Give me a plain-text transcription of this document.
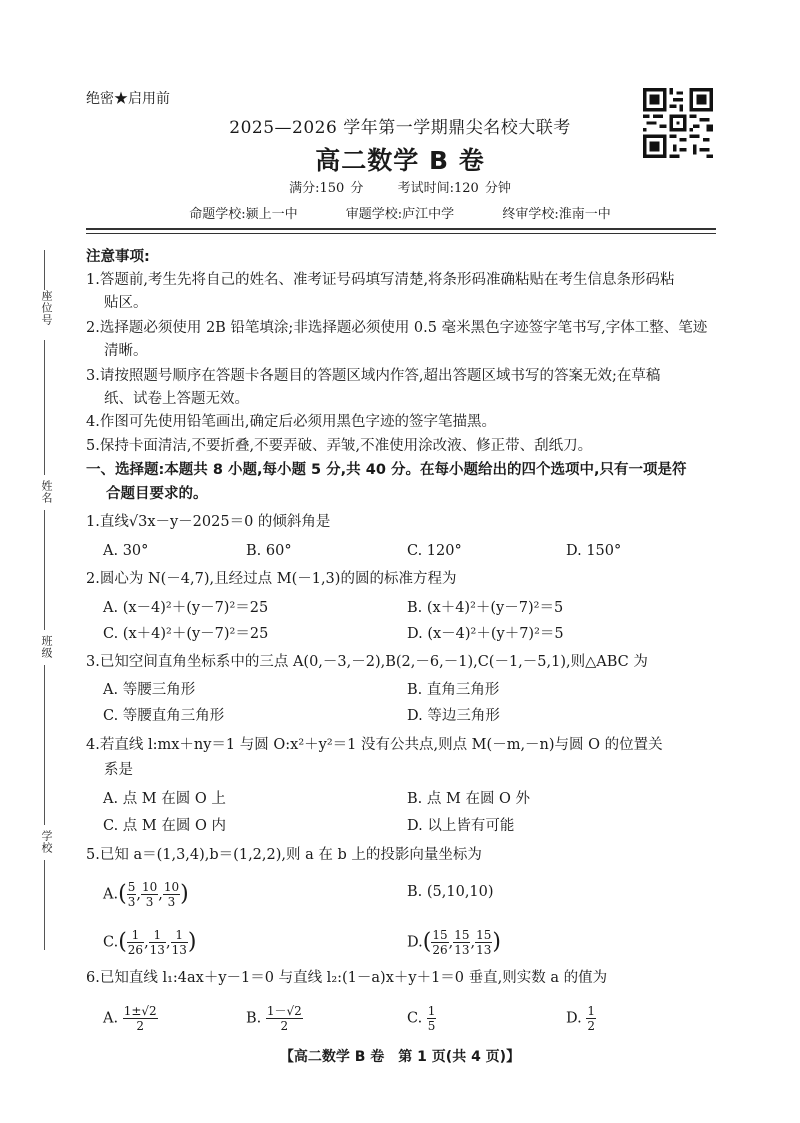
绝密★启用前
2025—2026 学年第一学期鼎尖名校大联考
高二数学 B 卷
满分:150 分	考试时间:120 分钟
命题学校:颍上一中	审题学校:庐江中学	终审学校:淮南一中
座位号
姓名
班级
学校
注意事项:
1.答题前,考生先将自己的姓名、准考证号码填写清楚,将条形码准确粘贴在考生信息条形码粘
贴区。
2.选择题必须使用 2B 铅笔填涂;非选择题必须使用 0.5 毫米黑色字迹签字笔书写,字体工整、笔迹
清晰。
3.请按照题号顺序在答题卡各题目的答题区域内作答,超出答题区域书写的答案无效;在草稿
纸、试卷上答题无效。
4.作图可先使用铅笔画出,确定后必须用黑色字迹的签字笔描黑。
5.保持卡面清洁,不要折叠,不要弄破、弄皱,不准使用涂改液、修正带、刮纸刀。
一、选择题:本题共 8 小题,每小题 5 分,共 40 分。在每小题给出的四个选项中,只有一项是符
合题目要求的。
1.直线√3x－y－2025＝0 的倾斜角是
A. 30°	B. 60°	C. 120°	D. 150°
2.圆心为 N(－4,7),且经过点 M(－1,3)的圆的标准方程为
A. (x－4)²＋(y－7)²＝25	B. (x＋4)²＋(y－7)²＝5
C. (x＋4)²＋(y－7)²＝25	D. (x－4)²＋(y＋7)²＝5
3.已知空间直角坐标系中的三点 A(0,－3,－2),B(2,－6,－1),C(－1,－5,1),则△ABC 为
A. 等腰三角形	B. 直角三角形
C. 等腰直角三角形	D. 等边三角形
4.若直线 l:mx＋ny＝1 与圆 O:x²＋y²＝1 没有公共点,则点 M(－m,－n)与圆 O 的位置关
系是
A. 点 M 在圆 O 上	B. 点 M 在圆 O 外
C. 点 M 在圆 O 内	D. 以上皆有可能
5.已知 a＝(1,3,4),b＝(1,2,2),则 a 在 b 上的投影向量坐标为
$A.( \frac{5}{3}$ , $\frac{10}{3}$ , $\frac{10}{3}$ )	B. (5,10,10)
$C.( \frac{1}{26}$ , $\frac{1}{13}$ , $\frac{1}{13}$ )	$D.( \frac{15}{26}$ , $\frac{15}{13}$ , $\frac{15}{13}$ )
6.已知直线 l₁:4ax＋y－1＝0 与直线 l₂:(1－a)x＋y＋1＝0 垂直,则实数 a 的值为
A. $\frac{1\pm√2}{2}$	B. $\frac{1-√2}{2}$	C. $\frac{1}{5}$	D. $\frac{1}{2}$
【高二数学 B 卷　第 1 页(共 4 页)】
